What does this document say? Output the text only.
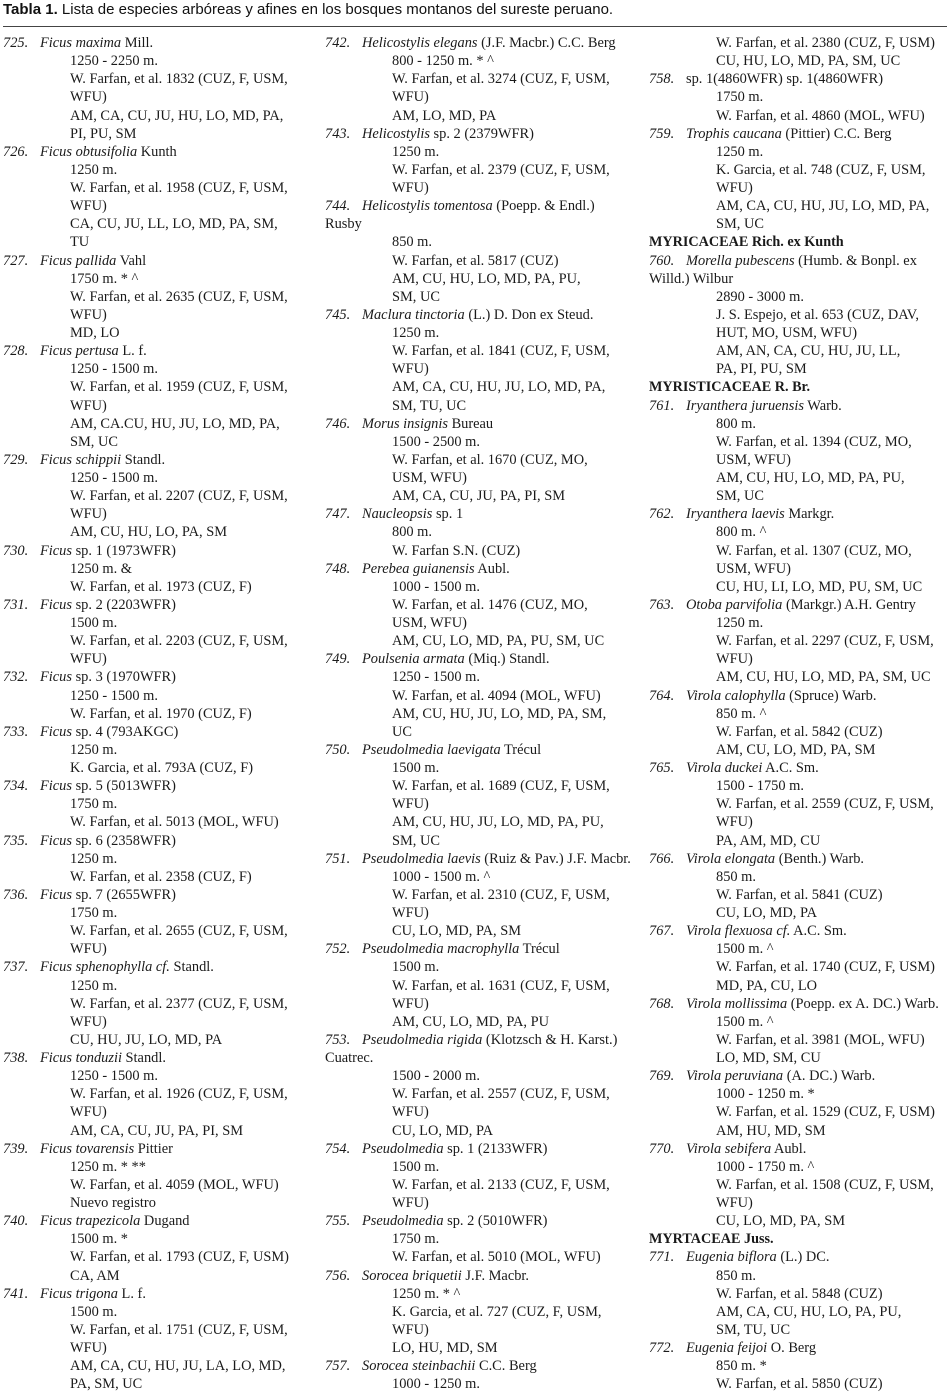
Tabla 1. Lista de especies arbóreas y afines en los bosques montanos del sureste peruano.
725. Ficus maxima Mill.
1250 - 2250 m.
W. Farfan, et al. 1832 (CUZ, F, USM,
WFU)
AM, CA, CU, JU, HU, LO, MD, PA,
PI, PU, SM
726. Ficus obtusifolia Kunth
1250 m.
W. Farfan, et al. 1958 (CUZ, F, USM,
WFU)
CA, CU, JU, LL, LO, MD, PA, SM,
TU
727. Ficus pallida Vahl
1750 m. * ^
W. Farfan, et al. 2635 (CUZ, F, USM,
WFU)
MD, LO
728. Ficus pertusa L. f.
1250 - 1500 m.
W. Farfan, et al. 1959 (CUZ, F, USM,
WFU)
AM, CA.CU, HU, JU, LO, MD, PA,
SM, UC
729. Ficus schippii Standl.
1250 - 1500 m.
W. Farfan, et al. 2207 (CUZ, F, USM,
WFU)
AM, CU, HU, LO, PA, SM
730. Ficus sp. 1 (1973WFR)
1250 m. &
W. Farfan, et al. 1973 (CUZ, F)
731. Ficus sp. 2 (2203WFR)
1500 m.
W. Farfan, et al. 2203 (CUZ, F, USM,
WFU)
732. Ficus sp. 3 (1970WFR)
1250 - 1500 m.
W. Farfan, et al. 1970 (CUZ, F)
733. Ficus sp. 4 (793AKGC)
1250 m.
K. Garcia, et al. 793A (CUZ, F)
734. Ficus sp. 5 (5013WFR)
1750 m.
W. Farfan, et al. 5013 (MOL, WFU)
735. Ficus sp. 6 (2358WFR)
1250 m.
W. Farfan, et al. 2358 (CUZ, F)
736. Ficus sp. 7 (2655WFR)
1750 m.
W. Farfan, et al. 2655 (CUZ, F, USM,
WFU)
737. Ficus sphenophylla cf. Standl.
1250 m.
W. Farfan, et al. 2377 (CUZ, F, USM,
WFU)
CU, HU, JU, LO, MD, PA
738. Ficus tonduzii Standl.
1250 - 1500 m.
W. Farfan, et al. 1926 (CUZ, F, USM,
WFU)
AM, CA, CU, JU, PA, PI, SM
739. Ficus tovarensis Pittier
1250 m. * **
W. Farfan, et al. 4059 (MOL, WFU)
Nuevo registro
740. Ficus trapezicola Dugand
1500 m. *
W. Farfan, et al. 1793 (CUZ, F, USM)
CA, AM
741. Ficus trigona L. f.
1500 m.
W. Farfan, et al. 1751 (CUZ, F, USM,
WFU)
AM, CA, CU, HU, JU, LA, LO, MD,
PA, SM, UC
742. Helicostylis elegans (J.F. Macbr.) C.C. Berg
800 - 1250 m. * ^
W. Farfan, et al. 3274 (CUZ, F, USM,
WFU)
AM, LO, MD, PA
743. Helicostylis sp. 2 (2379WFR)
1250 m.
W. Farfan, et al. 2379 (CUZ, F, USM,
WFU)
744. Helicostylis tomentosa (Poepp. & Endl.)
Rusby
850 m.
W. Farfan, et al. 5817 (CUZ)
AM, CU, HU, LO, MD, PA, PU,
SM, UC
745. Maclura tinctoria (L.) D. Don ex Steud.
1250 m.
W. Farfan, et al. 1841 (CUZ, F, USM,
WFU)
AM, CA, CU, HU, JU, LO, MD, PA,
SM, TU, UC
746. Morus insignis Bureau
1500 - 2500 m.
W. Farfan, et al. 1670 (CUZ, MO,
USM, WFU)
AM, CA, CU, JU, PA, PI, SM
747. Naucleopsis sp. 1
800 m.
W. Farfan S.N. (CUZ)
748. Perebea guianensis Aubl.
1000 - 1500 m.
W. Farfan, et al. 1476 (CUZ, MO,
USM, WFU)
AM, CU, LO, MD, PA, PU, SM, UC
749. Poulsenia armata (Miq.) Standl.
1250 - 1500 m.
W. Farfan, et al. 4094 (MOL, WFU)
AM, CU, HU, JU, LO, MD, PA, SM,
UC
750. Pseudolmedia laevigata Trécul
1500 m.
W. Farfan, et al. 1689 (CUZ, F, USM,
WFU)
AM, CU, HU, JU, LO, MD, PA, PU,
SM, UC
751. Pseudolmedia laevis (Ruiz & Pav.) J.F. Macbr.
1000 - 1500 m. ^
W. Farfan, et al. 2310 (CUZ, F, USM,
WFU)
CU, LO, MD, PA, SM
752. Pseudolmedia macrophylla Trécul
1500 m.
W. Farfan, et al. 1631 (CUZ, F, USM,
WFU)
AM, CU, LO, MD, PA, PU
753. Pseudolmedia rigida (Klotzsch & H. Karst.)
Cuatrec.
1500 - 2000 m.
W. Farfan, et al. 2557 (CUZ, F, USM,
WFU)
CU, LO, MD, PA
754. Pseudolmedia sp. 1 (2133WFR)
1500 m.
W. Farfan, et al. 2133 (CUZ, F, USM,
WFU)
755. Pseudolmedia sp. 2 (5010WFR)
1750 m.
W. Farfan, et al. 5010 (MOL, WFU)
756. Sorocea briquetii J.F. Macbr.
1250 m. * ^
K. Garcia, et al. 727 (CUZ, F, USM,
WFU)
LO, HU, MD, SM
757. Sorocea steinbachii C.C. Berg
1000 - 1250 m.
W. Farfan, et al. 2380 (CUZ, F, USM)
CU, HU, LO, MD, PA, SM, UC
758. sp. 1(4860WFR) sp. 1(4860WFR)
1750 m.
W. Farfan, et al. 4860 (MOL, WFU)
759. Trophis caucana (Pittier) C.C. Berg
1250 m.
K. Garcia, et al. 748 (CUZ, F, USM,
WFU)
AM, CA, CU, HU, JU, LO, MD, PA,
SM, UC
MYRICACEAE Rich. ex Kunth
760. Morella pubescens (Humb. & Bonpl. ex
Willd.) Wilbur
2890 - 3000 m.
J. S. Espejo, et al. 653 (CUZ, DAV,
HUT, MO, USM, WFU)
AM, AN, CA, CU, HU, JU, LL,
PA, PI, PU, SM
MYRISTICACEAE R. Br.
761. Iryanthera juruensis Warb.
800 m.
W. Farfan, et al. 1394 (CUZ, MO,
USM, WFU)
AM, CU, HU, LO, MD, PA, PU,
SM, UC
762. Iryanthera laevis Markgr.
800 m. ^
W. Farfan, et al. 1307 (CUZ, MO,
USM, WFU)
CU, HU, LI, LO, MD, PU, SM, UC
763. Otoba parvifolia (Markgr.) A.H. Gentry
1250 m.
W. Farfan, et al. 2297 (CUZ, F, USM,
WFU)
AM, CU, HU, LO, MD, PA, SM, UC
764. Virola calophylla (Spruce) Warb.
850 m. ^
W. Farfan, et al. 5842 (CUZ)
AM, CU, LO, MD, PA, SM
765. Virola duckei A.C. Sm.
1500 - 1750 m.
W. Farfan, et al. 2559 (CUZ, F, USM,
WFU)
PA, AM, MD, CU
766. Virola elongata (Benth.) Warb.
850 m.
W. Farfan, et al. 5841 (CUZ)
CU, LO, MD, PA
767. Virola flexuosa cf. A.C. Sm.
1500 m. ^
W. Farfan, et al. 1740 (CUZ, F, USM)
MD, PA, CU, LO
768. Virola mollissima (Poepp. ex A. DC.) Warb.
1500 m. ^
W. Farfan, et al. 3981 (MOL, WFU)
LO, MD, SM, CU
769. Virola peruviana (A. DC.) Warb.
1000 - 1250 m. *
W. Farfan, et al. 1529 (CUZ, F, USM)
AM, HU, MD, SM
770. Virola sebifera Aubl.
1000 - 1750 m. ^
W. Farfan, et al. 1508 (CUZ, F, USM,
WFU)
CU, LO, MD, PA, SM
MYRTACEAE Juss.
771. Eugenia biflora (L.) DC.
850 m.
W. Farfan, et al. 5848 (CUZ)
AM, CA, CU, HU, LO, PA, PU,
SM, TU, UC
772. Eugenia feijoi O. Berg
850 m. *
W. Farfan, et al. 5850 (CUZ)
